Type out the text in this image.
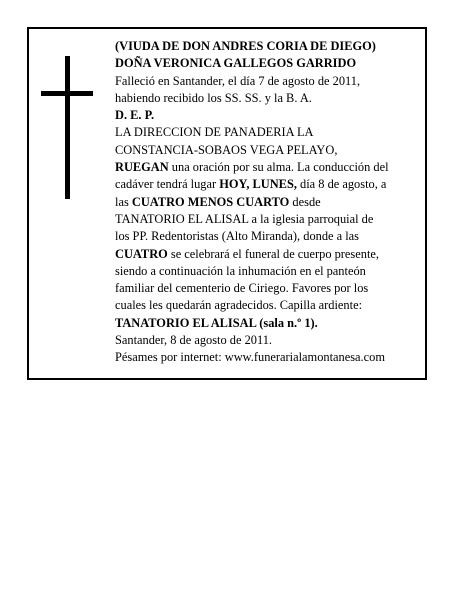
(VIUDA DE DON ANDRES CORIA DE DIEGO)
DOÑA VERONICA GALLEGOS GARRIDO
Falleció en Santander, el día 7 de agosto de 2011,
habiendo recibido los SS. SS. y la B. A.
D. E. P.
LA DIRECCION DE PANADERIA LA
CONSTANCIA-SOBAOS VEGA PELAYO,
RUEGAN una oración por su alma. La conducción del
cadáver tendrá lugar HOY, LUNES, día 8 de agosto, a
las CUATRO MENOS CUARTO desde
TANATORIO EL ALISAL a la iglesia parroquial de
los PP. Redentoristas (Alto Miranda), donde a las
CUATRO se celebrará el funeral de cuerpo presente,
siendo a continuación la inhumación en el panteón
familiar del cementerio de Ciriego. Favores por los
cuales les quedarán agradecidos. Capilla ardiente:
TANATORIO EL ALISAL (sala n.º 1).
Santander, 8 de agosto de 2011.
Pésames por internet: www.funerarialamontanesa.com
